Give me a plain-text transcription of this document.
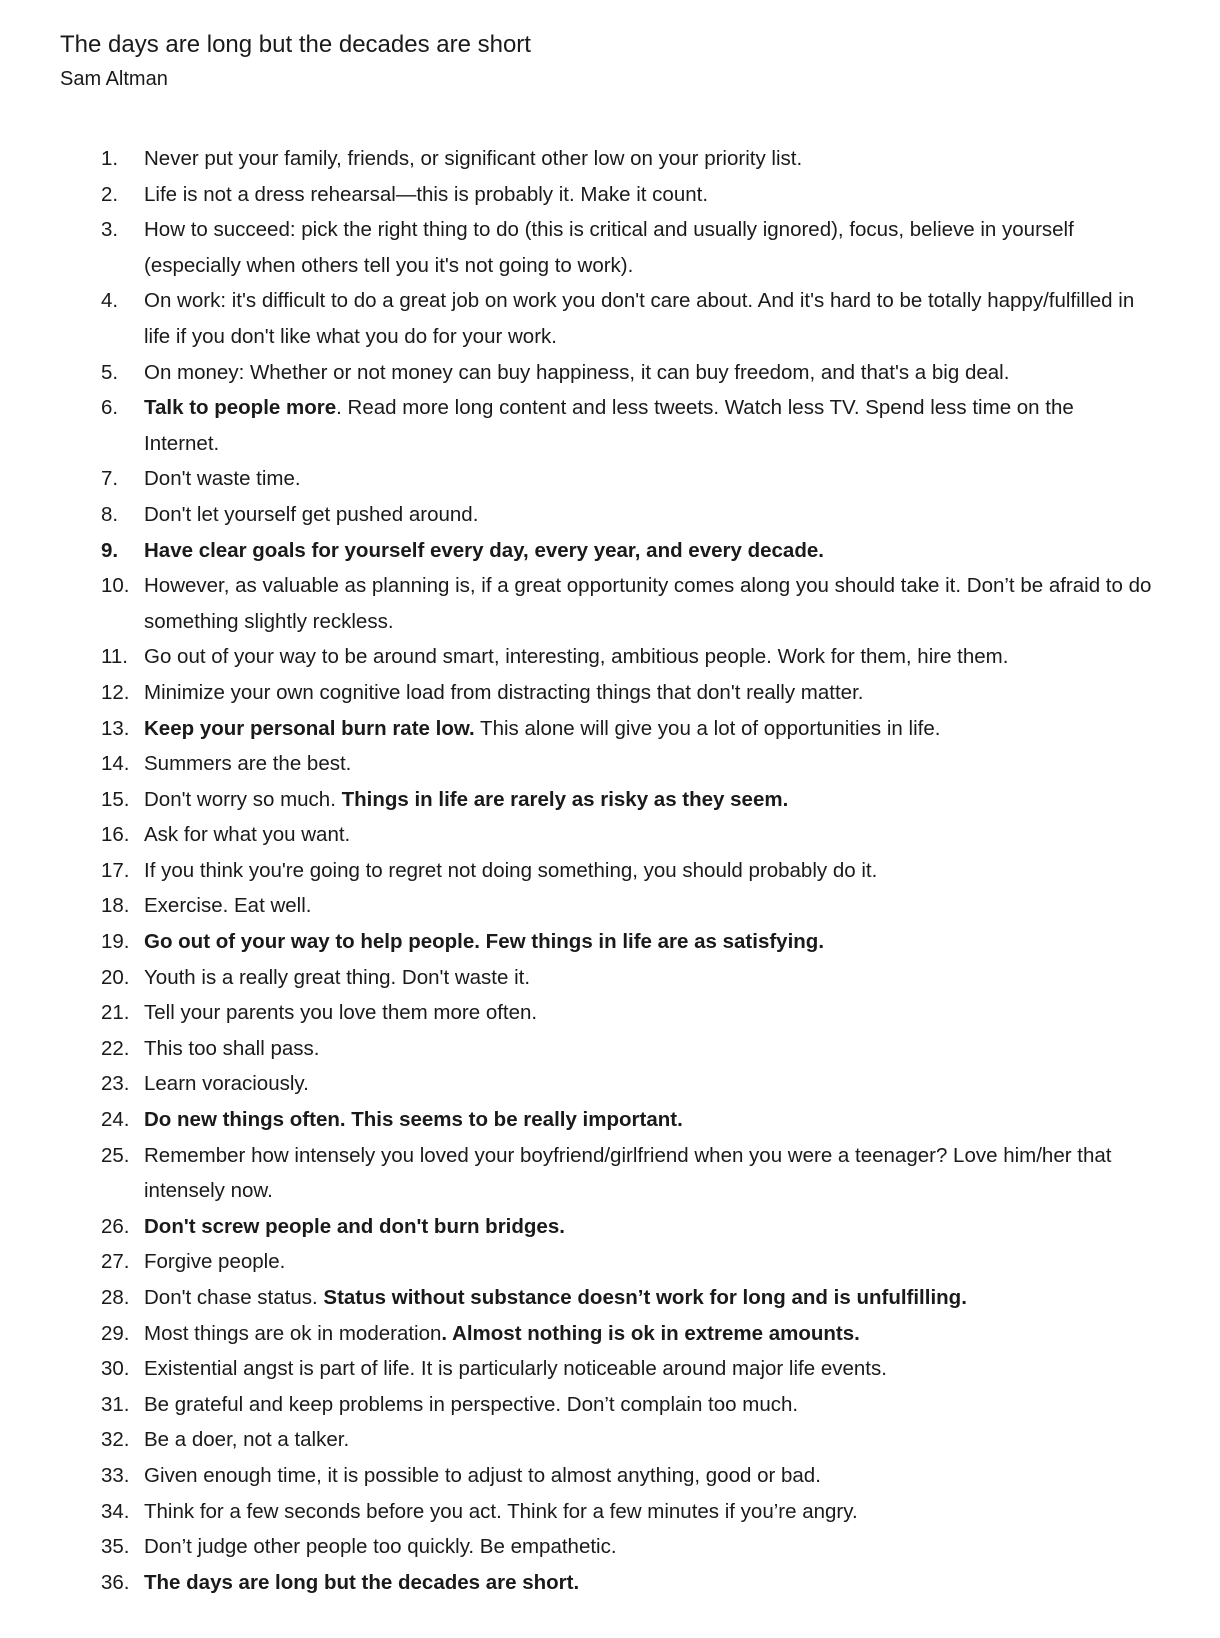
The days are long but the decades are short

Sam Altman

1.	Never put your family, friends, or significant other low on your priority list.
2.	Life is not a dress rehearsal—this is probably it. Make it count.
3.	How to succeed: pick the right thing to do (this is critical and usually ignored), focus, believe in yourself (especially when others tell you it's not going to work).
4.	On work: it's difficult to do a great job on work you don't care about. And it's hard to be totally happy/fulfilled in life if you don't like what you do for your work.
5.	On money: Whether or not money can buy happiness, it can buy freedom, and that's a big deal.
6.	Talk to people more. Read more long content and less tweets. Watch less TV. Spend less time on the Internet.
7.	Don't waste time.
8.	Don't let yourself get pushed around.
9.	Have clear goals for yourself every day, every year, and every decade.
10. However, as valuable as planning is, if a great opportunity comes along you should take it. Don’t be afraid to do something slightly reckless.
11. Go out of your way to be around smart, interesting, ambitious people. Work for them, hire them.
12. Minimize your own cognitive load from distracting things that don't really matter.
13. Keep your personal burn rate low. This alone will give you a lot of opportunities in life.
14. Summers are the best.
15. Don't worry so much. Things in life are rarely as risky as they seem.
16. Ask for what you want.
17. If you think you're going to regret not doing something, you should probably do it.
18. Exercise. Eat well.
19. Go out of your way to help people. Few things in life are as satisfying.
20. Youth is a really great thing. Don't waste it.
21. Tell your parents you love them more often.
22. This too shall pass.
23. Learn voraciously.
24. Do new things often. This seems to be really important.
25. Remember how intensely you loved your boyfriend/girlfriend when you were a teenager? Love him/her that intensely now.
26. Don't screw people and don't burn bridges.
27. Forgive people.
28. Don't chase status. Status without substance doesn’t work for long and is unfulfilling.
29. Most things are ok in moderation. Almost nothing is ok in extreme amounts.
30. Existential angst is part of life. It is particularly noticeable around major life events.
31. Be grateful and keep problems in perspective. Don’t complain too much.
32. Be a doer, not a talker.
33. Given enough time, it is possible to adjust to almost anything, good or bad.
34. Think for a few seconds before you act. Think for a few minutes if you’re angry.
35. Don’t judge other people too quickly. Be empathetic.
36. The days are long but the decades are short.
